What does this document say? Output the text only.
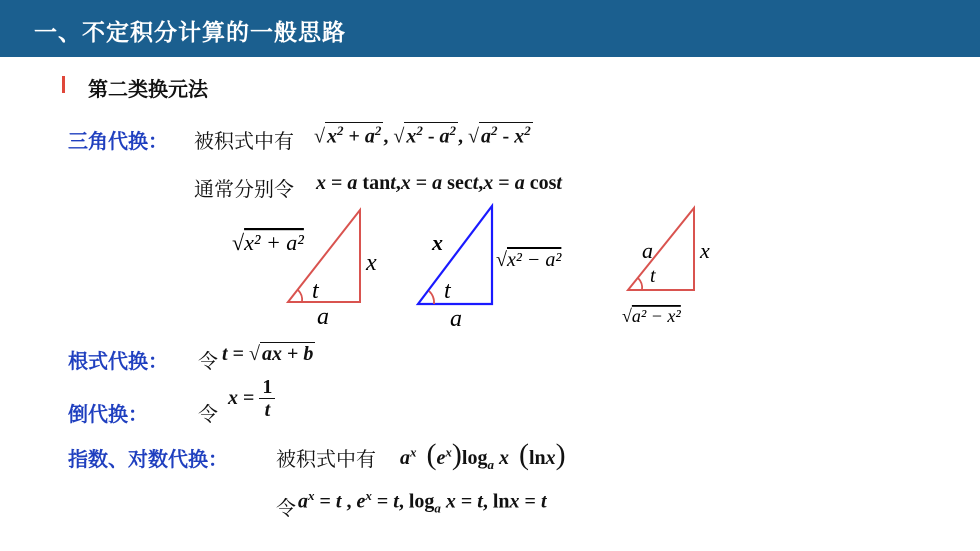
一、不定积分计算的一般思路
第二类换元法
三角代换： 被积式中有 √ $x^2 + a^2$ , √ $x^2 - a^2$ , √ $a^2 - x^2$
通常分别令 x = a tant,x = a sect,x = a cost
√x² + a²
x
t
a
x
√x² − a²
t
a
a x
t
√a² − x²
根式代换： 令 t = √ ax + b
倒代换：	令
$x = \frac{1}{t}$
指数、对数代换： 被积式中有 $a^x$ $(e^x)\log_a$ x  (lnx)
令 $a^x = t$ , $e^x = t$, $\log_a x = t$, lnx = t
